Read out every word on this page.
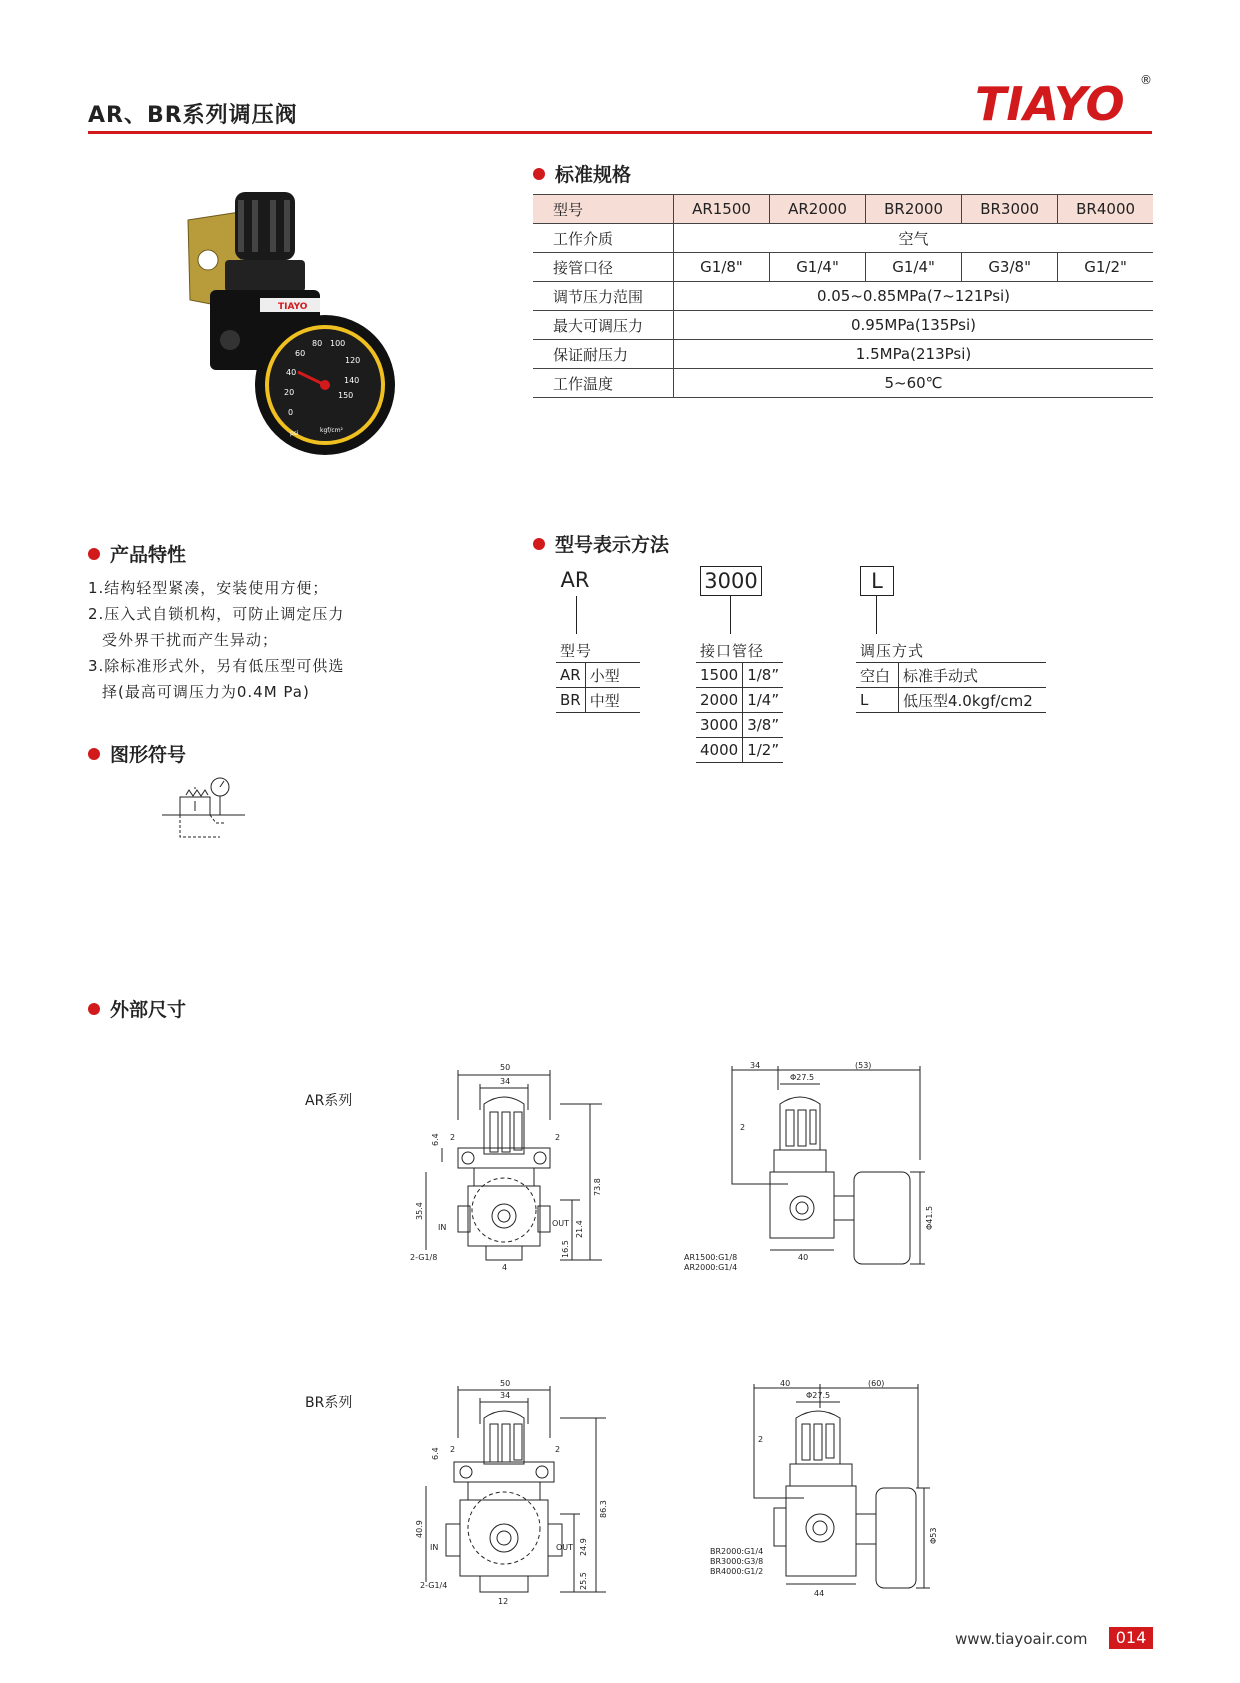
AR、BR系列调压阀	TIAYO ®
TIAYO
0
20
40
60
80 100
120
140
150
psi	kgf/cm²
标准规格
型号	AR1500	AR2000	BR2000	BR3000	BR4000
工作介质	空气				
接管口径	G1/8"	G1/4"	G1/4"	G3/8"	G1/2"
调节压力范围	0.05~0.85MPa(7~121Psi)				
最大可调压力	0.95MPa(135Psi)				
保证耐压力	1.5MPa(213Psi)				
工作温度	5~60℃				
产品特性
1.结构轻型紧凑，安装使用方便；
2.压入式自锁机构，可防止调定压力
受外界干扰而产生异动；
3.除标准形式外，另有低压型可供选
择(最高可调压力为0.4M Pa)
图形符号
型号表示方法
AR	3000	L
型号
AR	小型
BR	中型
接口管径
1500	1/8”
2000	1/4”
3000	3/8”
4000	1/2”
调压方式
空白	标准手动式
L	低压型4.0kgf/cm2
外部尺寸
AR系列
BR系列
50
34
6.4 2	2
35.4
73.8
21.4
16.5
IN	OUT
2-G1/8
4
34	(53)
Φ27.5
2
Φ41.5
40
AR1500:G1/8
AR2000:G1/4
50
34
6.4 2	2
40.9
86.3
24.9
25.5
IN	OUT
2-G1/4
12
40	(60)
Φ27.5
2
Φ53
44
BR2000:G1/4
BR3000:G3/8
BR4000:G1/2
www.tiayoair.com	014
